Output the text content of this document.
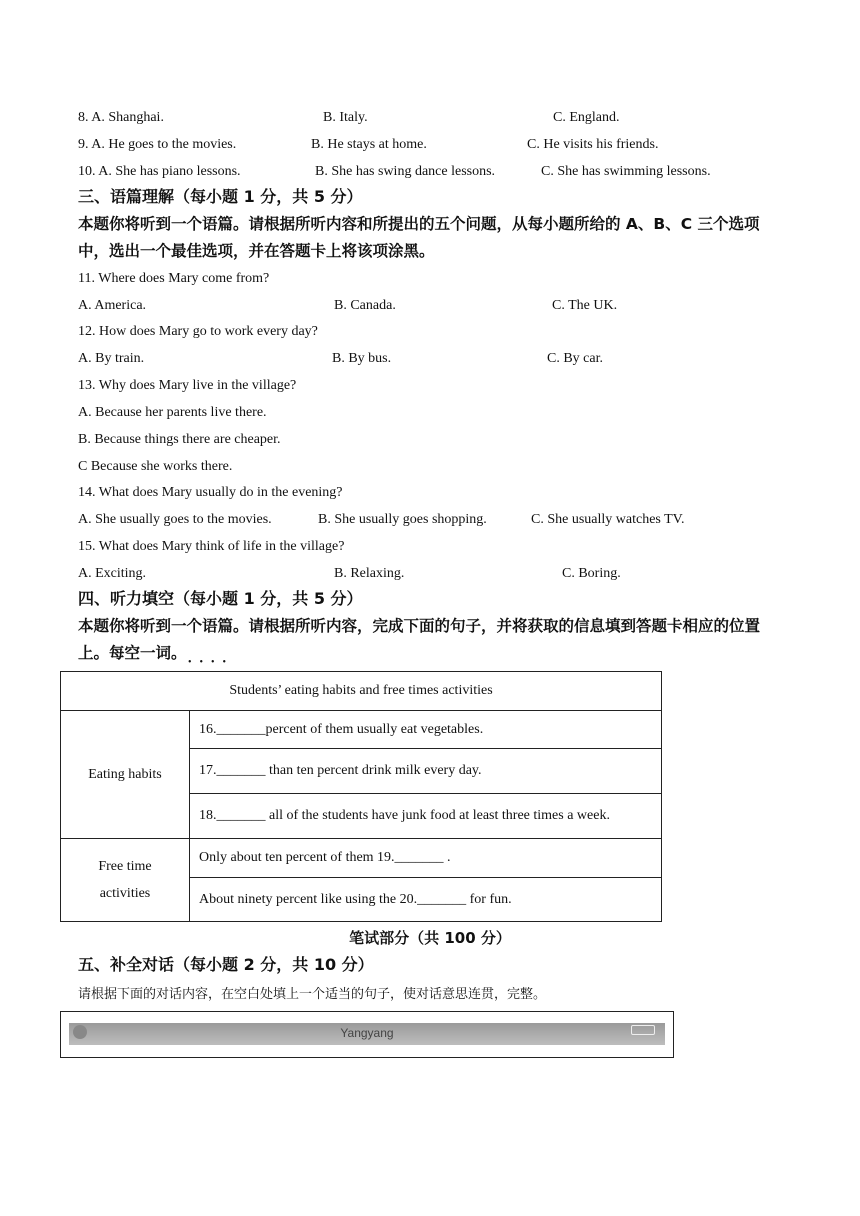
8. A. Shanghai.	B. Italy.	C. England.
9. A. He goes to the movies.	B. He stays at home.	C. He visits his friends.
10. A. She has piano lessons.	B. She has swing dance lessons.	C. She has swimming lessons.
三、语篇理解（每小题 1 分，共 5 分）
本题你将听到一个语篇。请根据所听内容和所提出的五个问题，从每小题所给的 A、B、C 三个选项中，选出一个最佳选项，并在答题卡上将该项涂黑。
11. Where does Mary come from?
A. America.	B. Canada.	C. The UK.
12. How does Mary go to work every day?
A. By train.	B. By bus.	C. By car.
13. Why does Mary live in the village?
A. Because her parents live there.
B. Because things there are cheaper.
C Because she works there.
14. What does Mary usually do in the evening?
A. She usually goes to the movies.	B. She usually goes shopping.	C. She usually watches TV.
15. What does Mary think of life in the village?
A. Exciting.	B. Relaxing.	C. Boring.
四、听力填空（每小题 1 分，共 5 分）
本题你将听到一个语篇。请根据所听内容，完成下面的句子，并将获取的信息填到答题卡相应的位置上。每空一词。
••••
Students’ eating habits and free times activities	
Eating habits	16._______percent of them usually eat vegetables.
	17._______ than ten percent drink milk every day.
	18._______ all of the students have junk food at least three times a week.
Free time
activities	Only about ten percent of them 19._______ .
	About ninety percent like using the 20._______ for fun.
笔试部分（共 100 分）
五、补全对话（每小题 2 分，共 10 分）
请根据下面的对话内容，在空白处填上一个适当的句子，使对话意思连贯，完整。
Yangyang
